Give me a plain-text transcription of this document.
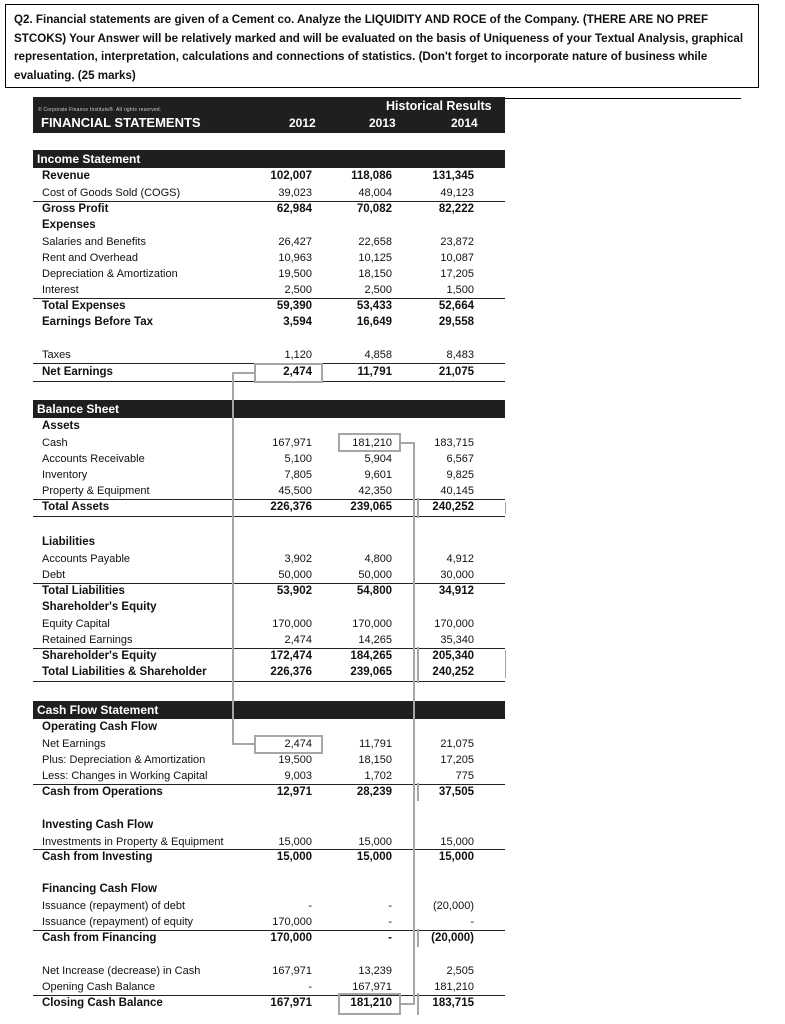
Q2. Financial statements are given of a Cement co. Analyze the LIQUIDITY AND ROCE of the Company. (THERE ARE NO PREF STCOKS) Your Answer will be relatively marked and will be evaluated on the basis of Uniqueness of your Textual Analysis, graphical representation, interpretation, calculations and connections of statistics. (Don't forget to incorporate nature of business while evaluating. (25 marks)
© Corporate Finance Institute®. All rights reserved.
FINANCIAL STATEMENTS
Historical Results
2012	2013	2014
Income Statement
Revenue	102,007	118,086	131,345
Cost of Goods Sold (COGS)	39,023	48,004	49,123
Gross Profit	62,984	70,082	82,222
Expenses
Salaries and Benefits	26,427	22,658	23,872
Rent and Overhead	10,963	10,125	10,087
Depreciation & Amortization	19,500	18,150	17,205
Interest	2,500	2,500	1,500
Total Expenses	59,390	53,433	52,664
Earnings Before Tax	3,594	16,649	29,558
Taxes	1,120	4,858	8,483
Net Earnings	2,474	11,791	21,075
Balance Sheet
Assets
Cash	167,971	181,210	183,715
Accounts Receivable	5,100	5,904	6,567
Inventory	7,805	9,601	9,825
Property & Equipment	45,500	42,350	40,145
Total Assets	226,376	239,065	240,252
Liabilities
Accounts Payable	3,902	4,800	4,912
Debt	50,000	50,000	30,000
Total Liabilities	53,902	54,800	34,912
Shareholder's Equity
Equity Capital	170,000	170,000	170,000
Retained Earnings	2,474	14,265	35,340
Shareholder's Equity	172,474	184,265	205,340
Total Liabilities & Shareholder	226,376	239,065	240,252
Cash Flow Statement
Operating Cash Flow
Net Earnings	2,474	11,791	21,075
Plus: Depreciation & Amortization	19,500	18,150	17,205
Less: Changes in Working Capital	9,003	1,702	775
Cash from Operations	12,971	28,239	37,505
Investing Cash Flow
Investments in Property & Equipment	15,000	15,000	15,000
Cash from Investing	15,000	15,000	15,000
Financing Cash Flow
Issuance (repayment) of debt	-	-	(20,000)
Issuance (repayment) of equity	170,000	-	-
Cash from Financing	170,000	-	(20,000)
Net Increase (decrease) in Cash	167,971	13,239	2,505
Opening Cash Balance	-	167,971	181,210
Closing Cash Balance	167,971	181,210	183,715
